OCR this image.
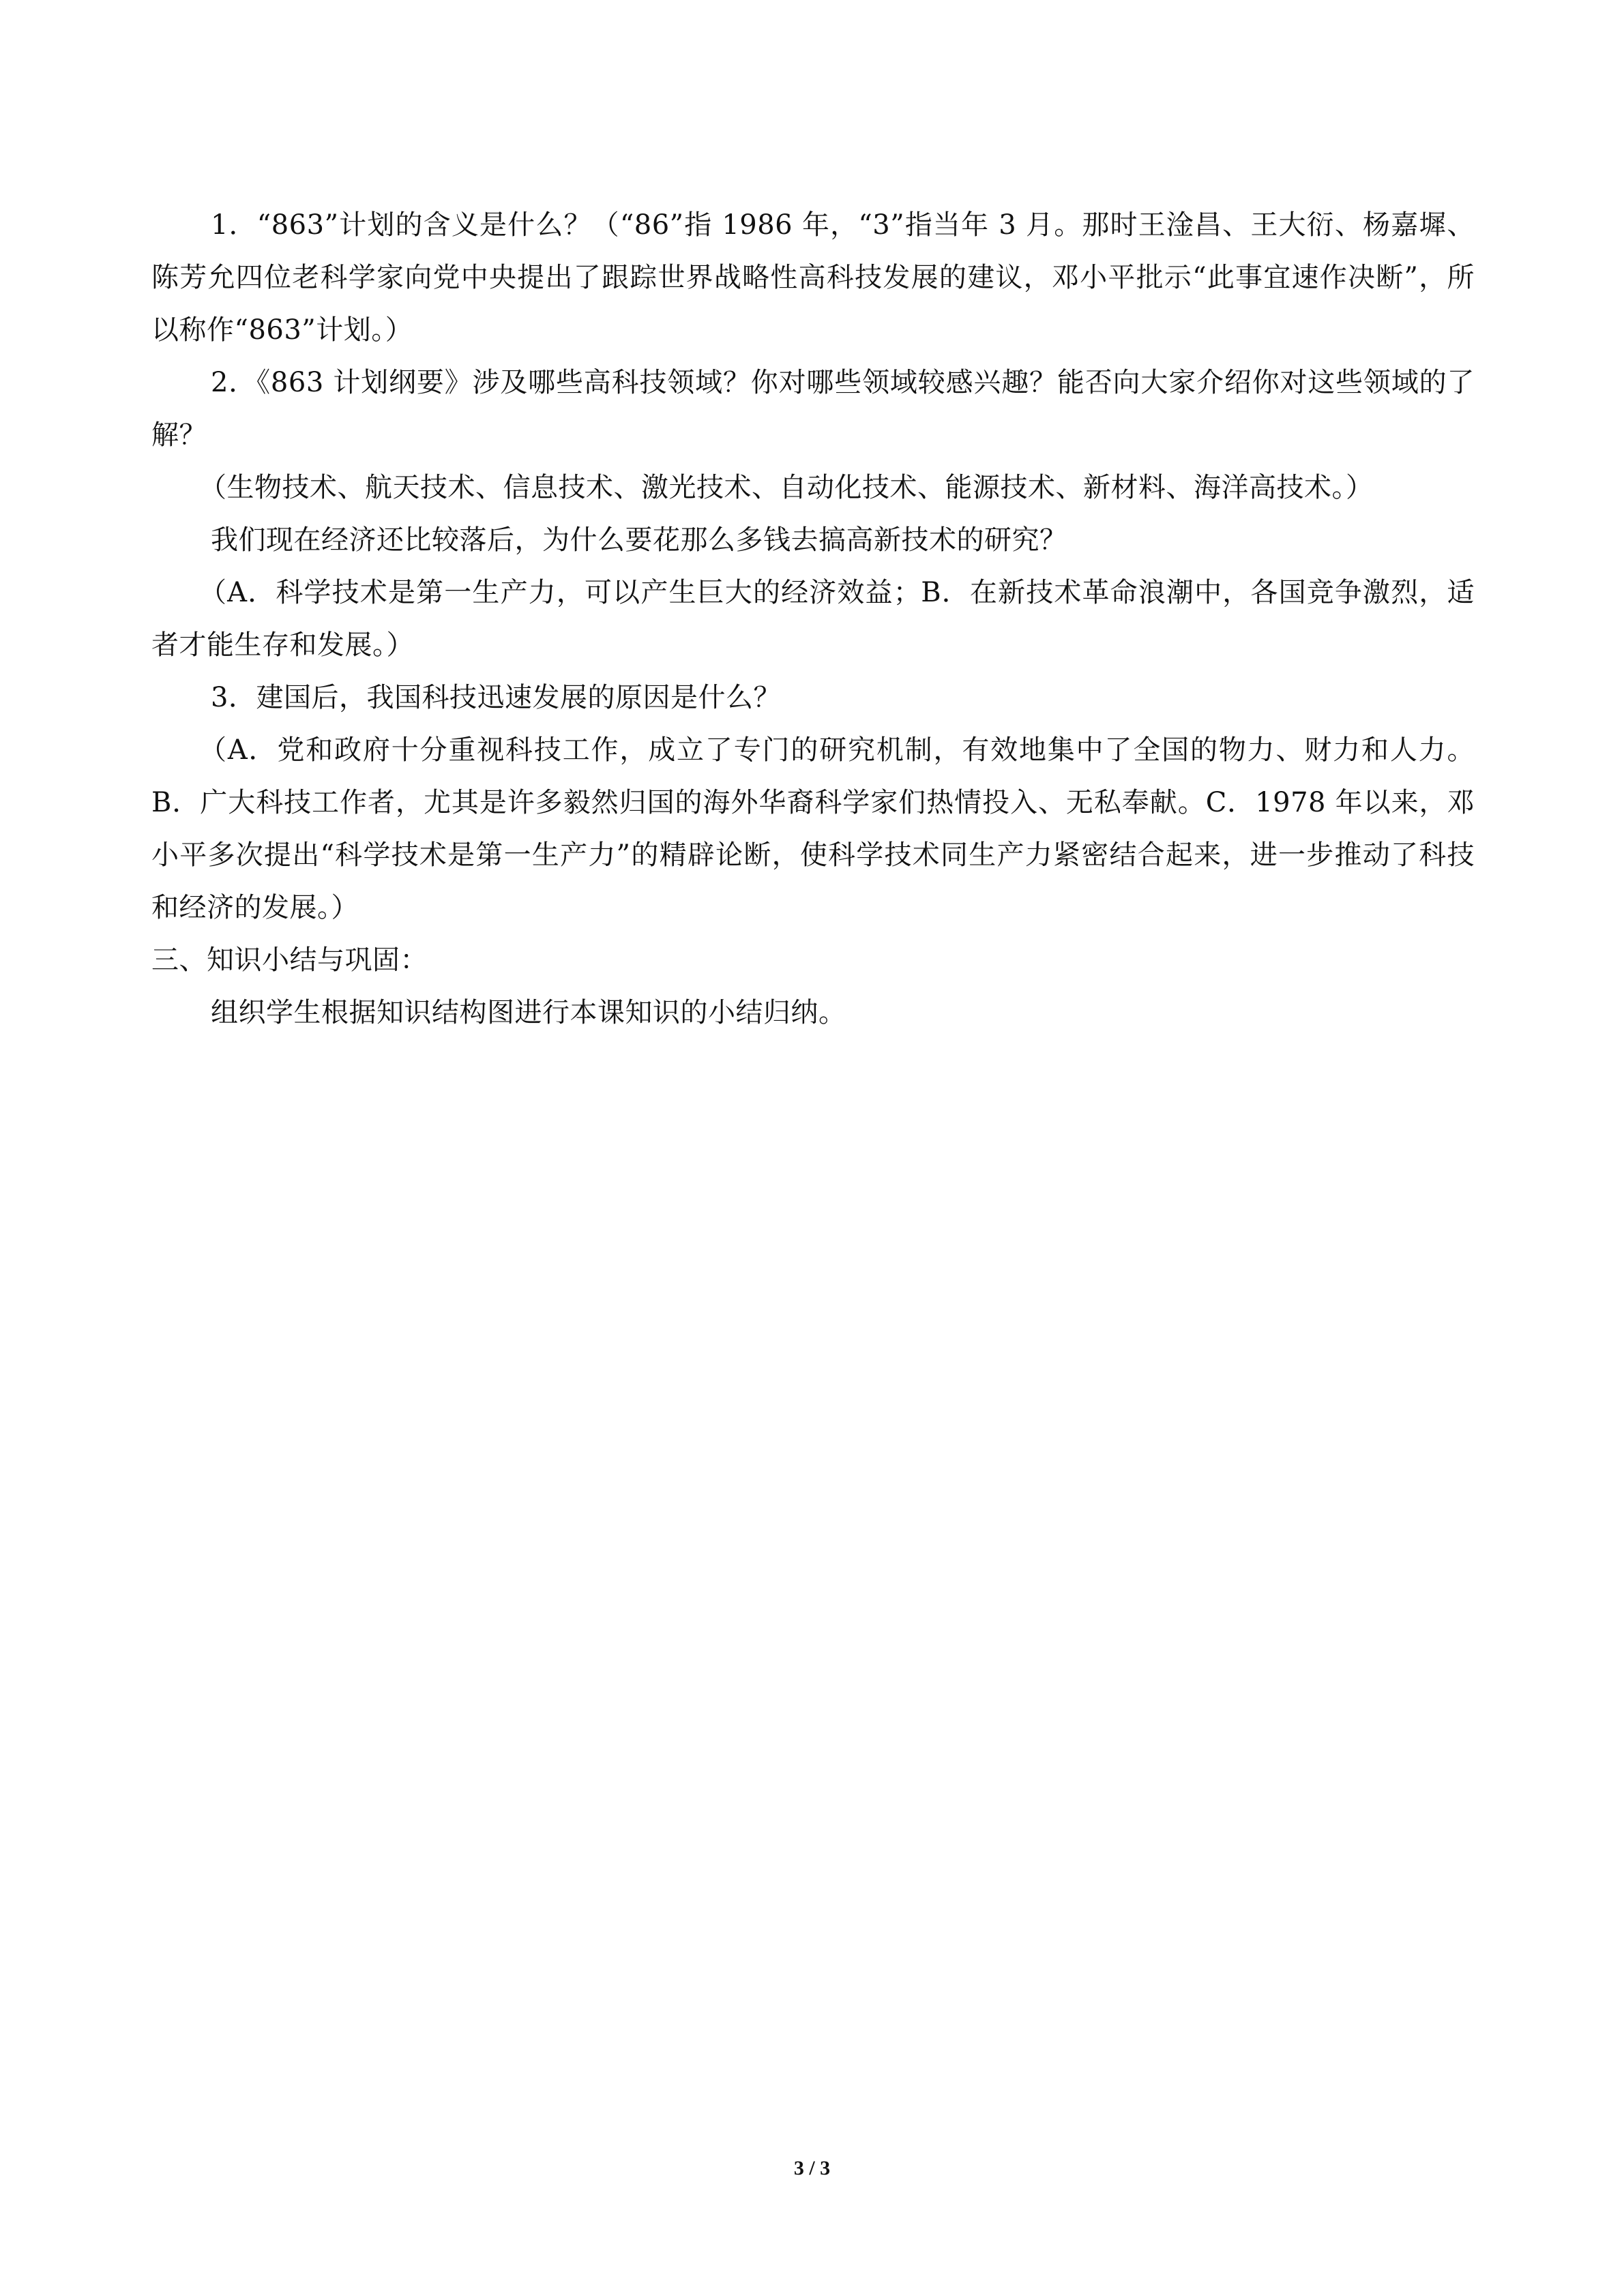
1．“863”计划的含义是什么？（“86”指 1986 年，“3”指当年 3 月。那时王淦昌、王大衍、杨嘉墀、陈芳允四位老科学家向党中央提出了跟踪世界战略性高科技发展的建议，邓小平批示“此事宜速作决断”，所以称作“863”计划。）

2．《863 计划纲要》涉及哪些高科技领域？你对哪些领域较感兴趣？能否向大家介绍你对这些领域的了解？

（生物技术、航天技术、信息技术、激光技术、自动化技术、能源技术、新材料、海洋高技术。）

我们现在经济还比较落后，为什么要花那么多钱去搞高新技术的研究？

（A．科学技术是第一生产力，可以产生巨大的经济效益；B．在新技术革命浪潮中，各国竞争激烈，适者才能生存和发展。）

3．建国后，我国科技迅速发展的原因是什么？

（A．党和政府十分重视科技工作，成立了专门的研究机制，有效地集中了全国的物力、财力和人力。B．广大科技工作者，尤其是许多毅然归国的海外华裔科学家们热情投入、无私奉献。C．1978 年以来，邓小平多次提出“科学技术是第一生产力”的精辟论断，使科学技术同生产力紧密结合起来，进一步推动了科技和经济的发展。）

三、知识小结与巩固：

组织学生根据知识结构图进行本课知识的小结归纳。

3 / 3
